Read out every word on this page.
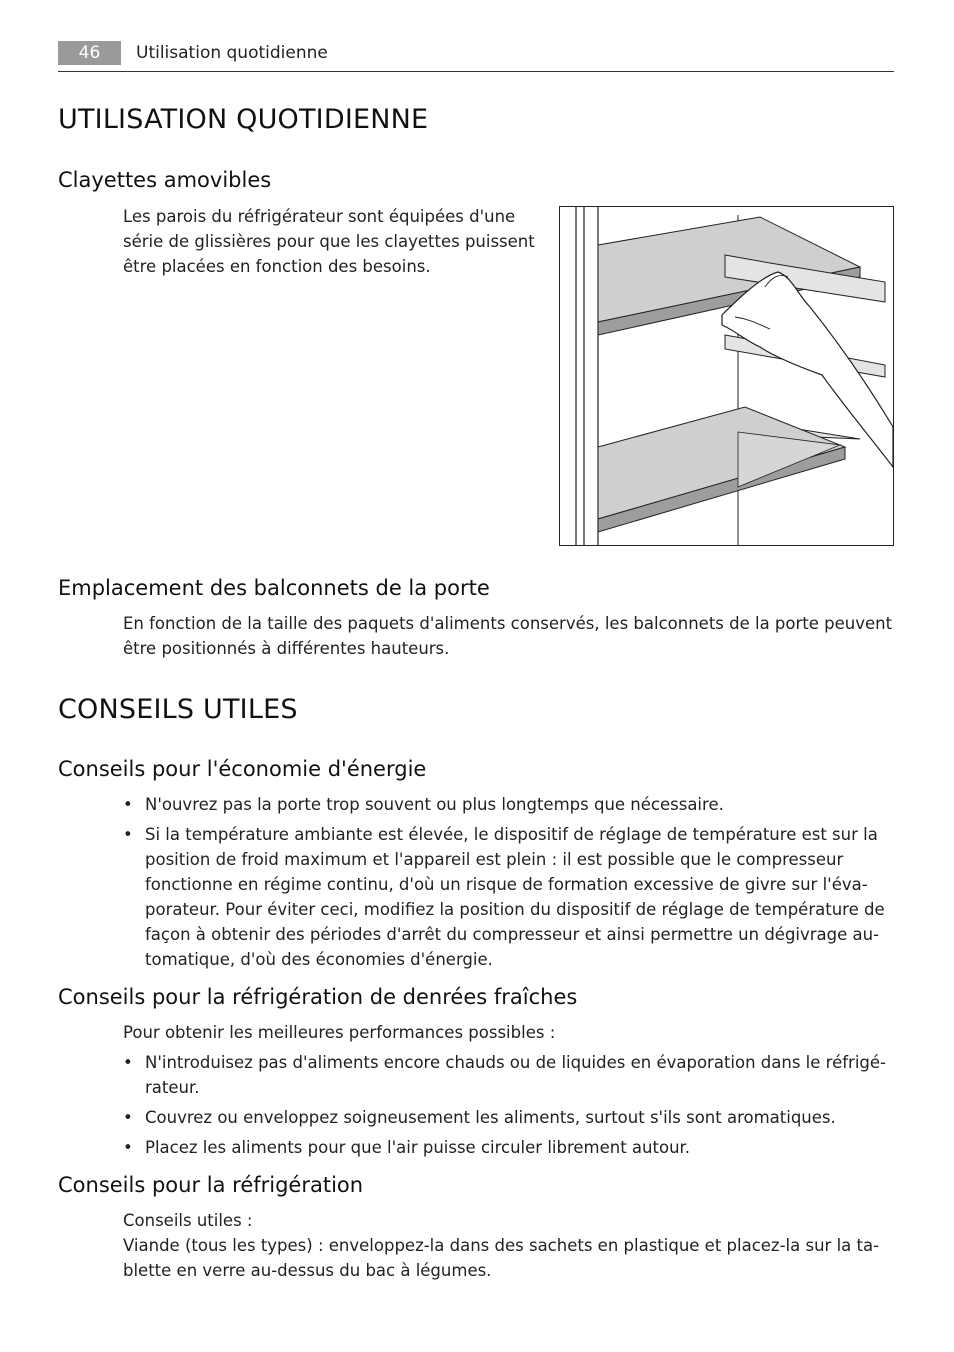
46	Utilisation quotidienne
UTILISATION QUOTIDIENNE
Clayettes amovibles

Les parois du réfrigérateur sont équipées d'une
série de glissières pour que les clayettes puissent
être placées en fonction des besoins.

Emplacement des balconnets de la porte

En fonction de la taille des paquets d'aliments conservés, les balconnets de la porte peuvent
être positionnés à différentes hauteurs.

CONSEILS UTILES
Conseils pour l'économie d'énergie
• N'ouvrez pas la porte trop souvent ou plus longtemps que nécessaire.
• Si la température ambiante est élevée, le dispositif de réglage de température est sur la
position de froid maximum et l'appareil est plein : il est possible que le compresseur
fonctionne en régime continu, d'où un risque de formation excessive de givre sur l'éva-
porateur. Pour éviter ceci, modifiez la position du dispositif de réglage de température de
façon à obtenir des périodes d'arrêt du compresseur et ainsi permettre un dégivrage au-
tomatique, d'où des économies d'énergie.
Conseils pour la réfrigération de denrées fraîches

Pour obtenir les meilleures performances possibles :

• N'introduisez pas d'aliments encore chauds ou de liquides en évaporation dans le réfrigé-
rateur.
• Couvrez ou enveloppez soigneusement les aliments, surtout s'ils sont aromatiques.
• Placez les aliments pour que l'air puisse circuler librement autour.
Conseils pour la réfrigération

Conseils utiles :
Viande (tous les types) : enveloppez-la dans des sachets en plastique et placez-la sur la ta-
blette en verre au-dessus du bac à légumes.
